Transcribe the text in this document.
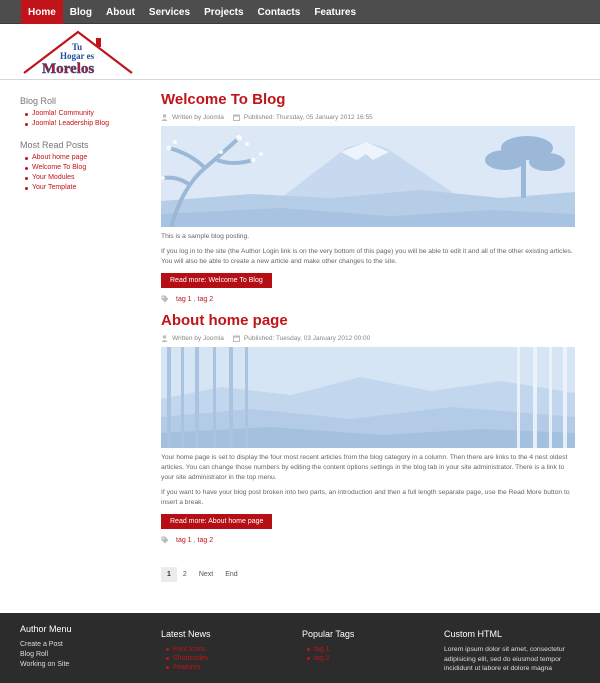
Home	Blog	About	Services	Projects	Contacts	Features
Tu
Hogar es
Morelos
Blog Roll
Joomla! Community
Joomla! Leadership Blog
Most Read Posts
About home page
Welcome To Blog
Your Modules
Your Template
Welcome To Blog
Written by Joomla	Published: Thursday, 05 January 2012 16:55

This is a sample blog posting.

If you log in to the site (the Author Login link is on the very bottom of this page) you will be able to edit it and all of the other existing articles. You will also be able to create a new article and make other changes to the site.

Read more: Welcome To Blog
tag 1 , tag 2
About home page
Written by Joomla	Published: Tuesday, 03 January 2012 00:00

Your home page is set to display the four most recent articles from the blog category in a column. Then there are links to the 4 nest oldest articles. You can change those numbers by editing the content options settings in the blog tab in your site administrator. There is a link to your site administrator in the top menu.

If you want to have your blog post broken into two parts, an introduction and then a full length separate page, use the Read More button to insert a break.

Read more: About home page
tag 1 , tag 2
1	2	Next	End
Author Menu
Create a Post
Blog Roll
Working on Site
Latest News
Font Icons
Shortcodes
Features
Popular Tags
tag 1
tag 2
Custom HTML

Lorem ipsum dolor sit amet, consectetur adipisicing elit, sed do eiusmod tempor incididunt ut labore et dolore magna
